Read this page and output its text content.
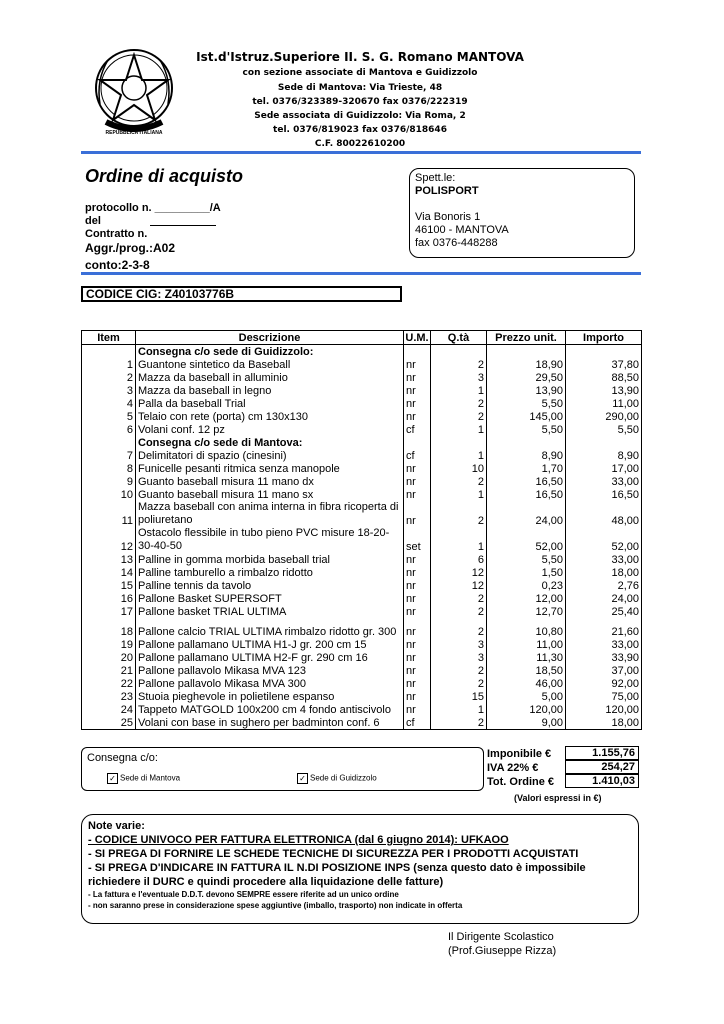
REPUBBLICA ITALIANA
Ist.d'Istruz.Superiore II. S. G. Romano MANTOVA
con sezione associate di Mantova e Guidizzolo
Sede di Mantova: Via Trieste, 48
tel. 0376/323389-320670 fax 0376/222319
Sede associata di Guidizzolo: Via Roma, 2
tel. 0376/819023 fax 0376/818646
C.F. 80022610200
Ordine di acquisto
protocollo n. _________/A
del
Contratto n.
Aggr./prog.:A02
conto:2-3-8
Spett.le:
POLISPORT
Via Bonoris 1
46100 - MANTOVA
fax 0376-448288
CODICE CIG: Z40103776B
Item	Descrizione	U.M.	Q.tà	Prezzo unit.	Importo
	Consegna c/o sede di Guidizzolo:				
1	Guantone sintetico da Baseball	nr	2	18,90	37,80
2	Mazza da baseball in alluminio	nr	3	29,50	88,50
3	Mazza da baseball in legno	nr	1	13,90	13,90
4	Palla da baseball Trial	nr	2	5,50	11,00
5	Telaio con rete (porta) cm 130x130	nr	2	145,00	290,00
6	Volani conf. 12 pz	cf	1	5,50	5,50
	Consegna c/o sede di Mantova:				
7	Delimitatori di spazio (cinesini)	cf	1	8,90	8,90
8	Funicelle pesanti ritmica senza manopole	nr	10	1,70	17,00
9	Guanto baseball misura 11 mano dx	nr	2	16,50	33,00
10	Guanto baseball misura 11 mano sx	nr	1	16,50	16,50
11	Mazza baseball con anima interna in fibra ricoperta di poliuretano	nr	2	24,00	48,00
12	Ostacolo flessibile in tubo pieno PVC misure 18-20-30-40-50	set	1	52,00	52,00
13	Palline in gomma morbida baseball trial	nr	6	5,50	33,00
14	Palline tamburello a rimbalzo ridotto	nr	12	1,50	18,00
15	Palline tennis da tavolo	nr	12	0,23	2,76
16	Pallone Basket SUPERSOFT	nr	2	12,00	24,00
17	Pallone basket TRIAL ULTIMA	nr	2	12,70	25,40
18	Pallone calcio TRIAL ULTIMA rimbalzo ridotto gr. 300	nr	2	10,80	21,60
19	Pallone pallamano ULTIMA H1-J gr. 200 cm 15	nr	3	11,00	33,00
20	Pallone pallamano ULTIMA H2-F gr. 290 cm 16	nr	3	11,30	33,90
21	Pallone pallavolo Mikasa MVA 123	nr	2	18,50	37,00
22	Pallone pallavolo Mikasa MVA 300	nr	2	46,00	92,00
23	Stuoia pieghevole in polietilene espanso	nr	15	5,00	75,00
24	Tappeto MATGOLD 100x200 cm 4 fondo antiscivolo	nr	1	120,00	120,00
25	Volani con base in sughero per badminton conf. 6	cf	2	9,00	18,00
Consegna c/o:
✓ Sede di Mantova	✓ Sede di Guidizzolo
Imponibile €	1.155,76
IVA 22% €	254,27
Tot. Ordine €	1.410,03
(Valori espressi in €)
Note varie:
- CODICE UNIVOCO PER FATTURA ELETTRONICA (dal 6 giugno 2014): UFKAOO
- SI PREGA DI FORNIRE LE SCHEDE TECNICHE DI SICUREZZA PER I PRODOTTI ACQUISTATI
- SI PREGA D'INDICARE IN FATTURA IL N.DI POSIZIONE INPS (senza questo dato è impossibile
richiedere il DURC e quindi procedere alla liquidazione delle fatture)
- La fattura e l'eventuale D.D.T. devono SEMPRE essere riferite ad un unico ordine
- non saranno prese in considerazione spese aggiuntive (imballo, trasporto) non indicate in offerta
Il Dirigente Scolastico
(Prof.Giuseppe Rizza)
